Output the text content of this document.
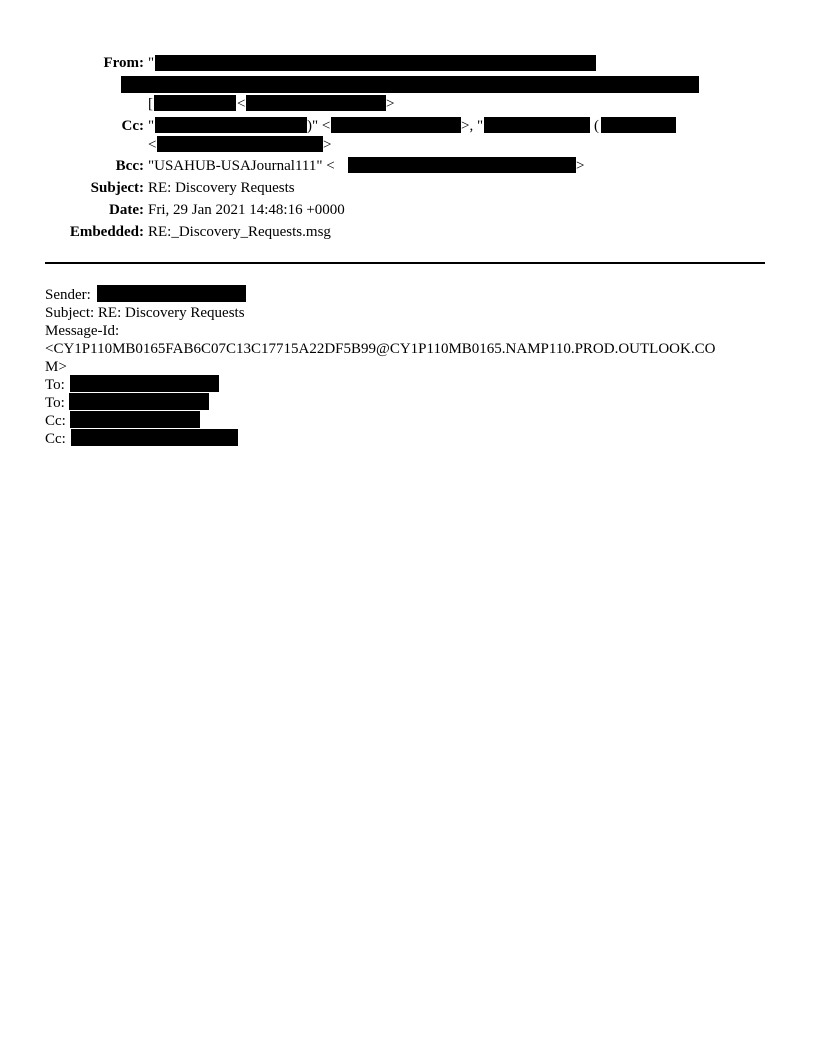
From: "
[	<	>
Cc: "	)" <	>, "	(
<	>
Bcc: "USAHUB-USAJournal111" <	>
Subject: RE: Discovery Requests
Date: Fri, 29 Jan 2021 14:48:16 +0000
Embedded: RE:_Discovery_Requests.msg
Sender:
Subject: RE: Discovery Requests
Message-Id:
<CY1P110MB0165FAB6C07C13C17715A22DF5B99@CY1P110MB0165.NAMP110.PROD.OUTLOOK.CO
M>
To:
To:
Cc:
Cc:
